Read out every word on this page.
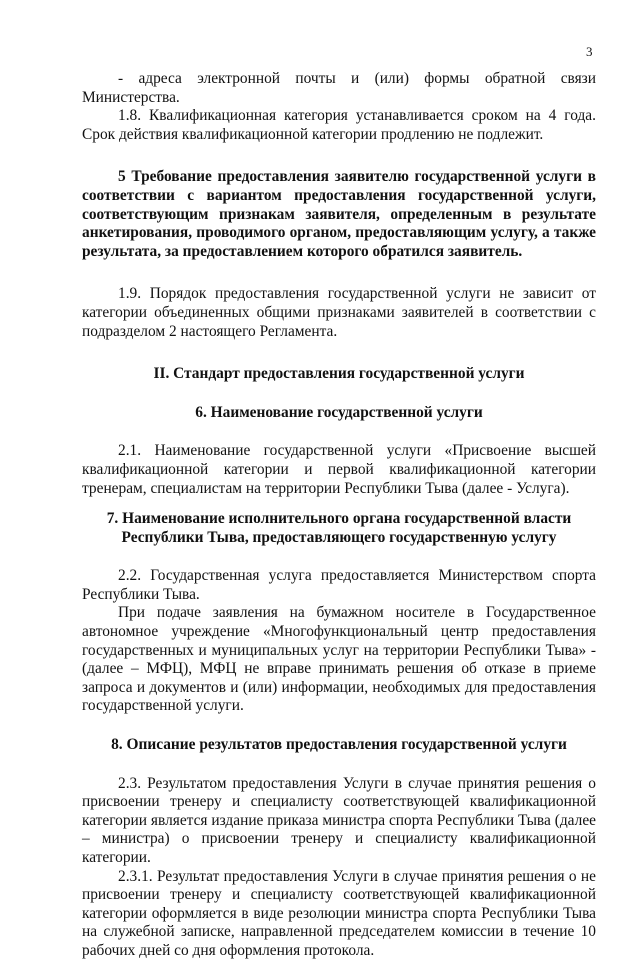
3

- адреса электронной почты и (или) формы обратной связи Министерства.

1.8. Квалификационная категория устанавливается сроком на 4 года. Срок действия квалификационной категории продлению не подлежит.

5 Требование предоставления заявителю государственной услуги в соответствии с вариантом предоставления государственной услуги, соответствующим признакам заявителя, определенным в результате анкетирования, проводимого органом, предоставляющим услугу, а также результата, за предоставлением которого обратился заявитель.

1.9. Порядок предоставления государственной услуги не зависит от категории объединенных общими признаками заявителей в соответствии с подразделом 2 настоящего Регламента.

II. Стандарт предоставления государственной услуги

6. Наименование государственной услуги

2.1. Наименование государственной услуги «Присвоение высшей квалификационной категории и первой квалификационной категории тренерам, специалистам на территории Республики Тыва (далее - Услуга).

7. Наименование исполнительного органа государственной власти Республики Тыва, предоставляющего государственную услугу

2.2. Государственная услуга предоставляется Министерством спорта Республики Тыва.

При подаче заявления на бумажном носителе в Государственное автономное учреждение «Многофункциональный центр предоставления государственных и муниципальных услуг на территории Республики Тыва» - (далее – МФЦ), МФЦ не вправе принимать решения об отказе в приеме запроса и документов и (или) информации, необходимых для предоставления государственной услуги.

8. Описание результатов предоставления государственной услуги

2.3. Результатом предоставления Услуги в случае принятия решения о присвоении тренеру и специалисту соответствующей квалификационной категории является издание приказа министра спорта Республики Тыва (далее – министра) о присвоении тренеру и специалисту квалификационной категории.

2.3.1. Результат предоставления Услуги в случае принятия решения о не присвоении тренеру и специалисту соответствующей квалификационной категории оформляется в виде резолюции министра спорта Республики Тыва на служебной записке, направленной председателем комиссии в течение 10 рабочих дней со дня оформления протокола.
